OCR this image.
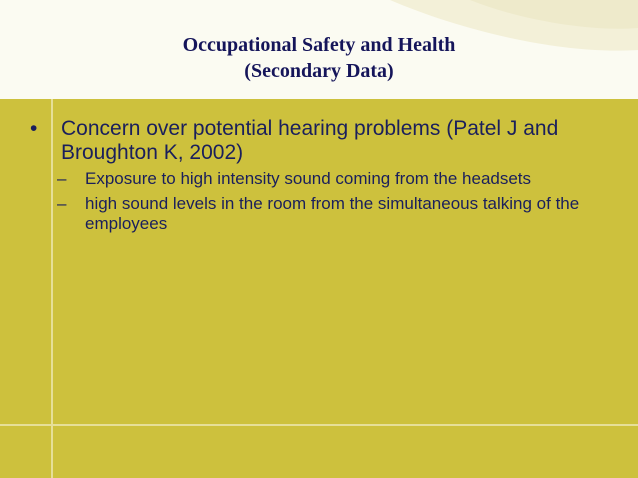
Occupational Safety and Health
(Secondary Data)
• Concern over potential hearing problems (Patel J and Broughton K, 2002)
– Exposure to high intensity sound coming from the headsets
– high sound levels in the room from the simultaneous talking of the employees
